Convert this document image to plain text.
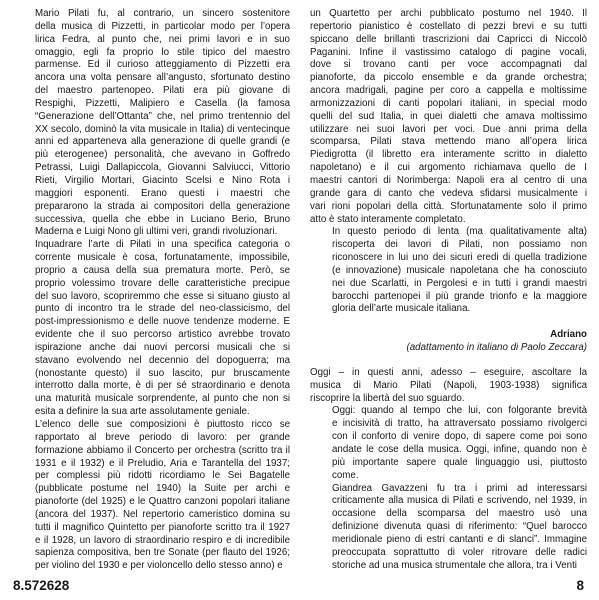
Mario Pilati fu, al contrario, un sincero sostenitore
della musica di Pizzetti, in particolar modo per l’opera
lirica Fedra, al punto che, nei primi lavori e in suo
omaggio, egli fa proprio lo stile tipico del maestro
parmense. Ed il curioso atteggiamento di Pizzetti era
ancora una volta pensare all’angusto, sfortunato destino
del maestro partenopeo. Pilati era più giovane di
Respighi, Pizzetti, Malipiero e Casella (la famosa
“Generazione dell’Ottanta” che, nel primo trentennio del
XX secolo, dominò la vita musicale in Italia) di ventecinque
anni ed apparteneva alla generazione di quelle grandi (e
più eterogenee) personalità, che avevano in Goffredo
Petrassi, Luigi Dallapiccola, Giovanni Salviucci, Vittorio
Rieti, Virgilio Mortari, Giacinto Scelsi e Nino Rota i
maggiori esponenti. Erano questi i maestri che
prepararono la strada ai compositori della generazione
successiva, quella che ebbe in Luciano Berio, Bruno
Maderna e Luigi Nono gli ultimi veri, grandi rivoluzionari.

Inquadrare l’arte di Pilati in una specifica categoria o
corrente musicale è cosa, fortunatamente, impossibile,
proprio a causa della sua prematura morte. Però, se
proprio volessimo trovare delle caratteristiche precipue
del suo lavoro, scopriremmo che esse si situano giusto al
punto di incontro tra le strade del neo-classicismo, del
post-impressionismo e delle nuove tendenze moderne. È
evidente che il suo percorso artistico avrebbe trovato
ispirazione anche dai nuovi percorsi musicali che si
stavano evolvendo nel decennio del dopoguerra; ma
(nonostante questo) il suo lascito, pur bruscamente
interrotto dalla morte, è di per sé straordinario e denota
una maturità musicale sorprendente, al punto che non si
esita a definire la sua arte assolutamente geniale.

L’elenco delle sue composizioni è piuttosto ricco se
rapportato al breve periodo di lavoro: per grande
formazione abbiamo il Concerto per orchestra (scritto tra il
1931 e il 1932) e il Preludio, Aria e Tarantella del 1937;
per complessi più ridotti ricordiamo le Sei Bagatelle
(pubblicate postume nel 1940) la Suite per archi e
pianoforte (del 1925) e le Quattro canzoni popolari italiane
(ancora del 1937). Nel repertorio cameristico domina su
tutti il magnifico Quintetto per pianoforte scritto tra il 1927
e il 1928, un lavoro di straordinario respiro e di incredibile
sapienza compositiva, ben tre Sonate (per flauto del 1926;
per violino del 1930 e per violoncello dello stesso anno) e

un Quartetto per archi pubblicato postumo nel 1940. Il
repertorio pianistico è costellato di pezzi brevi e su tutti
spiccano delle brillanti trascrizioni dai Capricci di Niccolò
Paganini. Infine il vastissimo catalogo di pagine vocali,
dove si trovano canti per voce accompagnati dal
pianoforte, da piccolo ensemble e da grande orchestra;
ancora madrigali, pagine per coro a cappella e moltissime
armonizzazioni di canti popolari italiani, in special modo
quelli del sud Italia, in quei dialetti che amava moltissimo
utilizzare nei suoi lavori per voci. Due anni prima della
scomparsa, Pilati stava mettendo mano all’opera lirica
Piedigrotta (il libretto era interamente scritto in dialetto
napoletano) e il cui argomento richiamava quello de I
maestri cantori di Norimberga: Napoli era al centro di una
grande gara di canto che vedeva sfidarsi musicalmente i
vari rioni popolari della città. Sfortunatamente solo il primo
atto è stato interamente completato.

In questo periodo di lenta (ma qualitativamente alta)
riscoperta dei lavori di Pilati, non possiamo non
riconoscere in lui uno dei sicuri eredi di quella tradizione
(e innovazione) musicale napoletana che ha conosciuto
nei due Scarlatti, in Pergolesi e in tutti i grandi maestri
barocchi partenopei il più grande trionfo e la maggiore
gloria dell’arte musicale italiana.

Adriano
(adattamento in italiano di Paolo Zeccara)

Oggi – in questi anni, adesso – eseguire, ascoltare la
musica di Mario Pilati (Napoli, 1903-1938) significa
riscoprire la libertà del suo sguardo.

Oggi: quando al tempo che lui, con folgorante brevità
e incisività di tratto, ha attraversato possiamo rivolgerci
con il conforto di venire dopo, di sapere come poi sono
andate le cose della musica. Oggi, infine, quando non è
più importante sapere quale linguaggio usi, piuttosto
come.

Giandrea Gavazzeni fu tra i primi ad interessarsi
criticamente alla musica di Pilati e scrivendo, nel 1939, in
occasione della scomparsa del maestro usò una
definizione divenuta quasi di riferimento: “Quel barocco
meridionale pieno di estri cantanti e di slanci”. Immagine
preoccupata soprattutto di voler ritrovare delle radici
storiche ad una musica strumentale che allora, tra i Venti

8.572628	8
